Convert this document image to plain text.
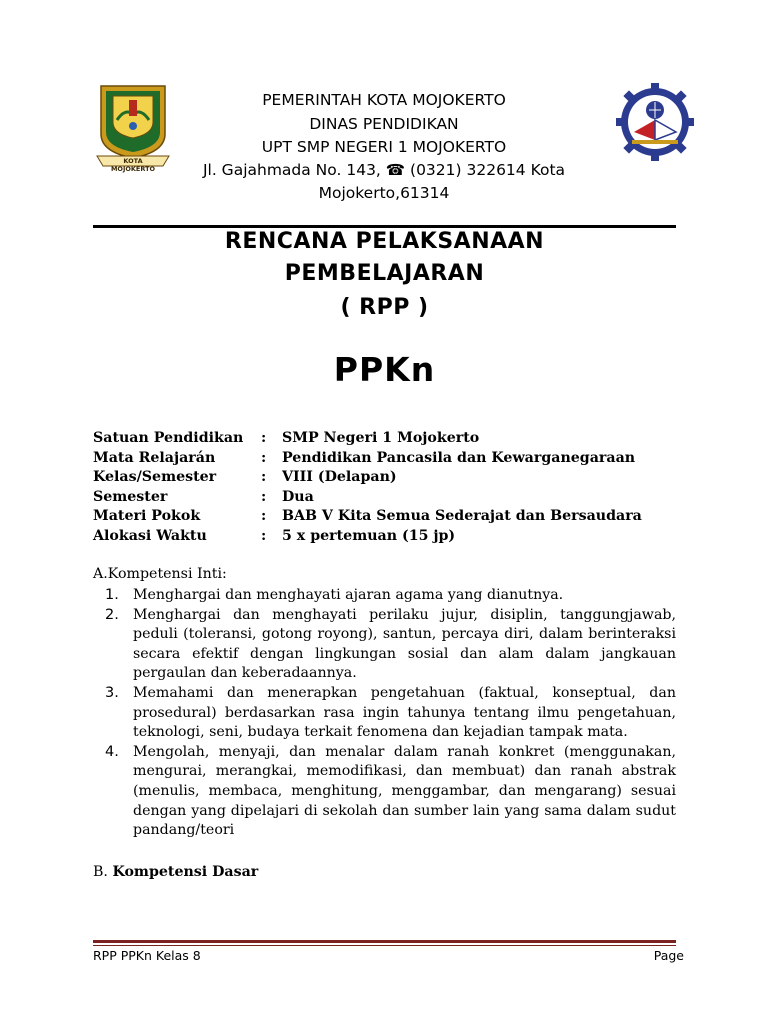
KOTA MOJOKERTO
PEMERINTAH KOTA MOJOKERTO
DINAS PENDIDIKAN
UPT SMP NEGERI 1 MOJOKERTO
Jl. Gajahmada No. 143, ☎ (0321) 322614 Kota
Mojokerto,61314
RENCANA PELAKSANAAN
PEMBELAJARAN
( RPP )
PPKn
Satuan Pendidikan : SMP Negeri 1 Mojokerto
Mata Relajarán	: Pendidikan Pancasila dan Kewarganegaraan
Kelas/Semester	: VIII (Delapan)
Semester	: Dua
Materi Pokok	: BAB V Kita Semua Sederajat dan Bersaudara
Alokasi Waktu	: 5 x pertemuan (15 jp)
A.Kompetensi Inti:
1. Menghargai dan menghayati ajaran agama yang dianutnya.
2. Menghargai dan menghayati perilaku jujur, disiplin, tanggungjawab, peduli (toleransi, gotong royong), santun, percaya diri, dalam berinteraksi secara efektif dengan lingkungan sosial dan alam dalam jangkauan pergaulan dan keberadaannya.
3. Memahami dan menerapkan pengetahuan (faktual, konseptual, dan prosedural) berdasarkan rasa ingin tahunya tentang ilmu pengetahuan, teknologi, seni, budaya terkait fenomena dan kejadian tampak mata.
4. Mengolah, menyaji, dan menalar dalam ranah konkret (menggunakan, mengurai, merangkai, memodifikasi, dan membuat) dan ranah abstrak (menulis, membaca, menghitung, menggambar, dan mengarang) sesuai dengan yang dipelajari di sekolah dan sumber lain yang sama dalam sudut pandang/teori
B. Kompetensi Dasar
RPP PPKn Kelas 8	Page
